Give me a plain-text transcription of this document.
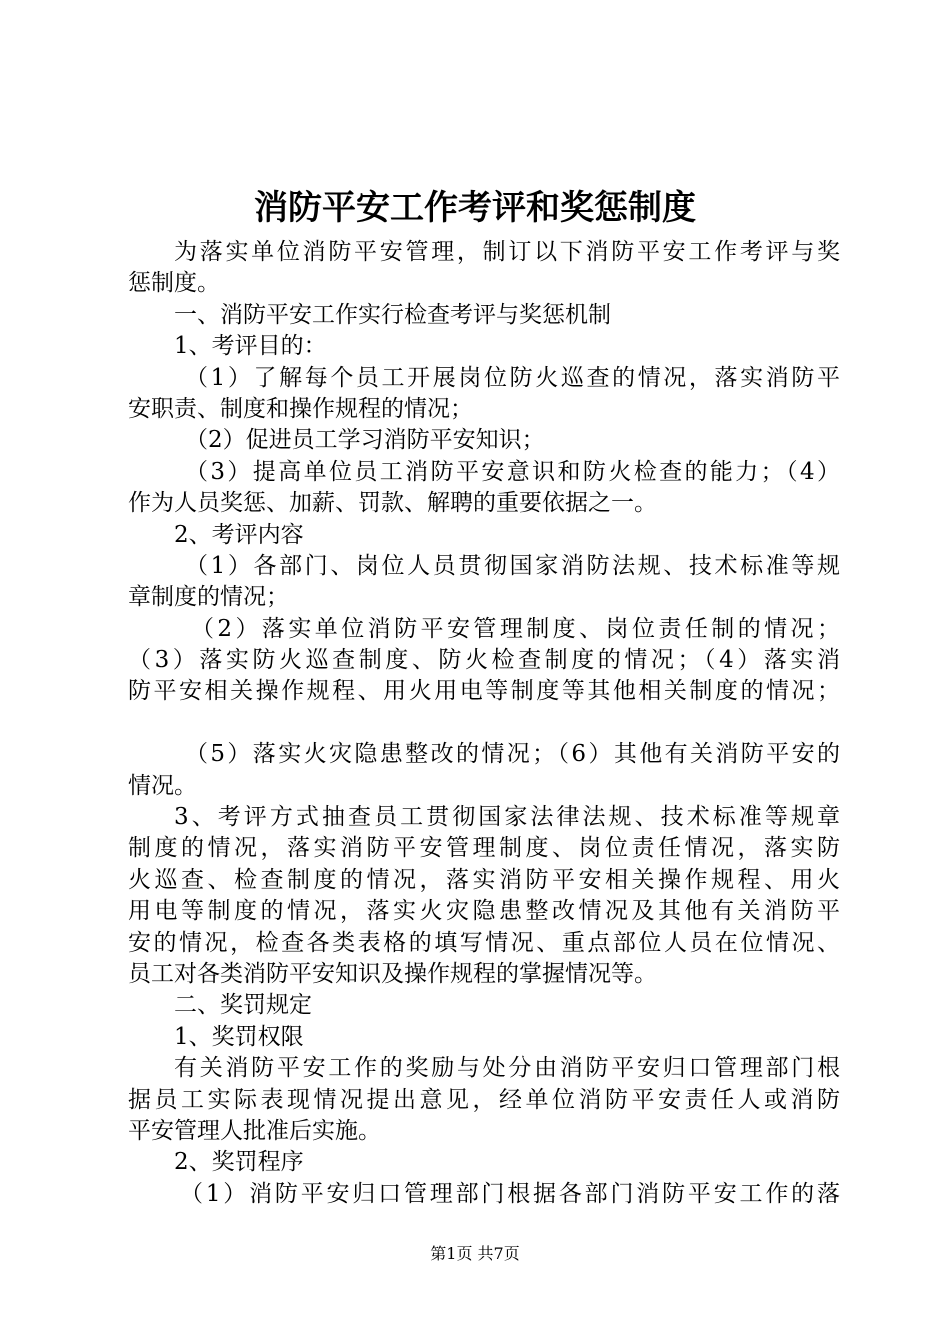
消防平安工作考评和奖惩制度
为落实单位消防平安管理，制订以下消防平安工作考评与奖
惩制度。
一、消防平安工作实行检查考评与奖惩机制
1、考评目的：
（1）了解每个员工开展岗位防火巡查的情况，落实消防平
安职责、制度和操作规程的情况；
（2）促进员工学习消防平安知识；
（3）提高单位员工消防平安意识和防火检查的能力；（4）
作为人员奖惩、加薪、罚款、解聘的重要依据之一。
2、考评内容
（1）各部门、岗位人员贯彻国家消防法规、技术标准等规
章制度的情况；
（2）落实单位消防平安管理制度、岗位责任制的情况；
（3）落实防火巡查制度、防火检查制度的情况；（4）落实消
防平安相关操作规程、用火用电等制度等其他相关制度的情况；
（5）落实火灾隐患整改的情况；（6）其他有关消防平安的
情况。
3、考评方式抽查员工贯彻国家法律法规、技术标准等规章
制度的情况，落实消防平安管理制度、岗位责任情况，落实防
火巡查、检查制度的情况，落实消防平安相关操作规程、用火
用电等制度的情况，落实火灾隐患整改情况及其他有关消防平
安的情况，检查各类表格的填写情况、重点部位人员在位情况、
员工对各类消防平安知识及操作规程的掌握情况等。
二、奖罚规定
1、奖罚权限
有关消防平安工作的奖励与处分由消防平安归口管理部门根
据员工实际表现情况提出意见，经单位消防平安责任人或消防
平安管理人批准后实施。
2、奖罚程序
（1）消防平安归口管理部门根据各部门消防平安工作的落
第1页 共7页
